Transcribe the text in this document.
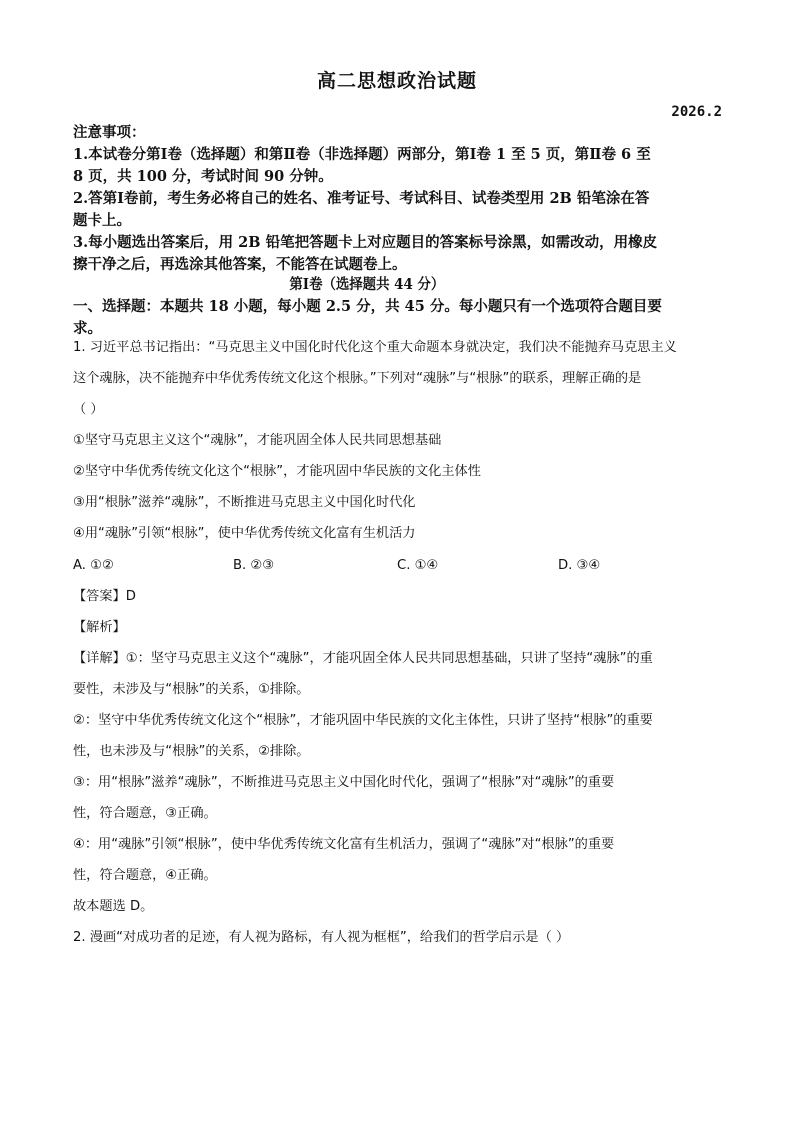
高二思想政治试题
2026.2
注意事项：
1.本试卷分第Ⅰ卷（选择题）和第Ⅱ卷（非选择题）两部分，第Ⅰ卷 1 至 5 页，第Ⅱ卷 6 至
8 页，共 100 分，考试时间 90 分钟。
2.答第Ⅰ卷前，考生务必将自己的姓名、准考证号、考试科目、试卷类型用 2B 铅笔涂在答
题卡上。
3.每小题选出答案后，用 2B 铅笔把答题卡上对应题目的答案标号涂黑，如需改动，用橡皮
擦干净之后，再选涂其他答案，不能答在试题卷上。
第Ⅰ卷（选择题共 44 分）
一、选择题：本题共 18 小题，每小题 2.5 分，共 45 分。每小题只有一个选项符合题目要
求。
1. 习近平总书记指出：“马克思主义中国化时代化这个重大命题本身就决定，我们决不能抛弃马克思主义
这个魂脉，决不能抛弃中华优秀传统文化这个根脉。”下列对“魂脉”与“根脉”的联系，理解正确的是
（ ）
①坚守马克思主义这个“魂脉”，才能巩固全体人民共同思想基础
②坚守中华优秀传统文化这个“根脉”，才能巩固中华民族的文化主体性
③用“根脉”滋养“魂脉”，不断推进马克思主义中国化时代化
④用“魂脉”引领“根脉”，使中华优秀传统文化富有生机活力
A. ①②	B. ②③	C. ①④	D. ③④
【答案】D
【解析】
【详解】①：坚守马克思主义这个“魂脉”，才能巩固全体人民共同思想基础，只讲了坚持“魂脉”的重
要性，未涉及与“根脉”的关系，①排除。
②：坚守中华优秀传统文化这个“根脉”，才能巩固中华民族的文化主体性，只讲了坚持“根脉”的重要
性，也未涉及与“根脉”的关系，②排除。
③：用“根脉”滋养“魂脉”，不断推进马克思主义中国化时代化，强调了“根脉”对“魂脉”的重要
性，符合题意，③正确。
④：用“魂脉”引领“根脉”，使中华优秀传统文化富有生机活力，强调了“魂脉”对“根脉”的重要
性，符合题意，④正确。
故本题选 D。
2. 漫画“对成功者的足迹，有人视为路标，有人视为框框”，给我们的哲学启示是（ ）
